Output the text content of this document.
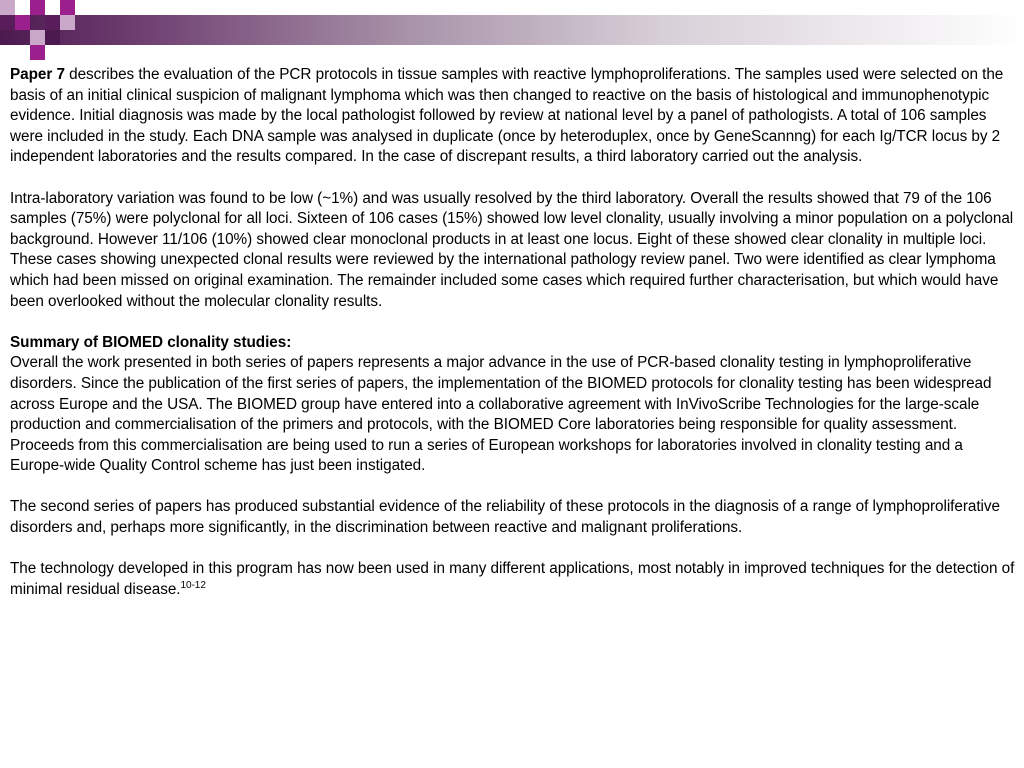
Paper 7 describes the evaluation of the PCR protocols in tissue samples with reactive lymphoproliferations. The samples used were selected on the basis of an initial clinical suspicion of malignant lymphoma which was then changed to reactive on the basis of histological and immunophenotypic evidence. Initial diagnosis was made by the local pathologist followed by review at national level by a panel of pathologists. A total of 106 samples were included in the study. Each DNA sample was analysed in duplicate (once by heteroduplex, once by GeneScannng) for each Ig/TCR locus by 2 independent laboratories and the results compared. In the case of discrepant results, a third laboratory carried out the analysis.

Intra-laboratory variation was found to be low (~1%) and was usually resolved by the third laboratory. Overall the results showed that 79 of the 106 samples (75%) were polyclonal for all loci. Sixteen of 106 cases (15%) showed low level clonality, usually involving a minor population on a polyclonal background. However 11/106 (10%) showed clear monoclonal products in at least one locus. Eight of these showed clear clonality in multiple loci. These cases showing unexpected clonal results were reviewed by the international pathology review panel. Two were identified as clear lymphoma which had been missed on original examination. The remainder included some cases which required further characterisation, but which would have been overlooked without the molecular clonality results.

Summary of BIOMED clonality studies:

Overall the work presented in both series of papers represents a major advance in the use of PCR-based clonality testing in lymphoproliferative disorders. Since the publication of the first series of papers, the implementation of the BIOMED protocols for clonality testing has been widespread across Europe and the USA. The BIOMED group have entered into a collaborative agreement with InVivoScribe Technologies for the large-scale production and commercialisation of the primers and protocols, with the BIOMED Core laboratories being responsible for quality assessment. Proceeds from this commercialisation are being used to run a series of European workshops for laboratories involved in clonality testing and a Europe-wide Quality Control scheme has just been instigated.

The second series of papers has produced substantial evidence of the reliability of these protocols in the diagnosis of a range of lymphoproliferative disorders and, perhaps more significantly, in the discrimination between reactive and malignant proliferations.

The technology developed in this program has now been used in many different applications, most notably in improved techniques for the detection of minimal residual disease.$^{10-12}$
